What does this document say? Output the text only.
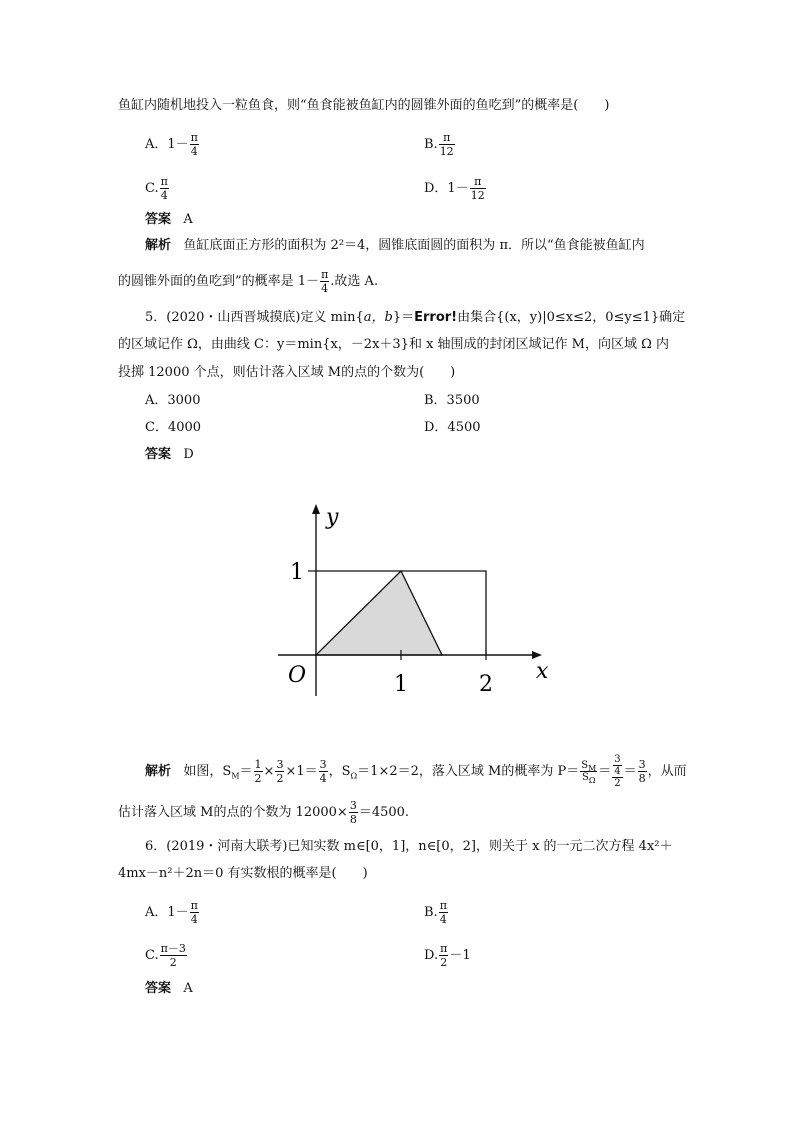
鱼缸内随机地投入一粒鱼食，则“鱼食能被鱼缸内的圆锥外面的鱼吃到”的概率是(　　)
A．$1- \frac{\pi}{4}$	B. $\frac{\pi}{12}$
C. $\frac{\pi}{4}$	D．$1- \frac{\pi}{12}$
答案 A
解析 鱼缸底面正方形的面积为 2²＝4，圆锥底面圆的面积为 π．所以“鱼食能被鱼缸内
的圆锥外面的鱼吃到”的概率是 $1- \frac{\pi}{4}$ .故选 A.
5．(2020・山西晋城摸底)定义 min{a，b}＝Error!由集合{(x，y)|0≤x≤2，0≤y≤1}确定
的区域记作 Ω，由曲线 C：y＝min{x，－2x＋3}和 x 轴围成的封闭区域记作 M，向区域 Ω 内
投掷 12000 个点，则估计落入区域 M的点的个数为(　　)
A．3000	B．3500
C．4000	D．4500
答案 D
x
y
O	1	2
1
解析 如图，$S_M= \frac{1}{2} \times \frac{3}{2} \times 1= \frac{3}{4}$ ，$S_\Omega=1\times 2=2$，落入区域 M的概率为 $P= \frac{S_M}{S_\Omega} = 3$
4
$2 = \frac{3}{8}$ ，从而
估计落入区域 M的点的个数为 $12000\times \frac{3}{8} =4500$.
6．(2019・河南大联考)已知实数 m∈[0，1]，n∈[0，2]，则关于 x 的一元二次方程 4x²＋
4mx－n²＋2n＝0 有实数根的概率是(　　)
A．$1- \frac{\pi}{4}$	B. $\frac{\pi}{4}$
C. $\frac{\pi-3}{2}$	D. $\frac{\pi}{2} -1$
答案 A
